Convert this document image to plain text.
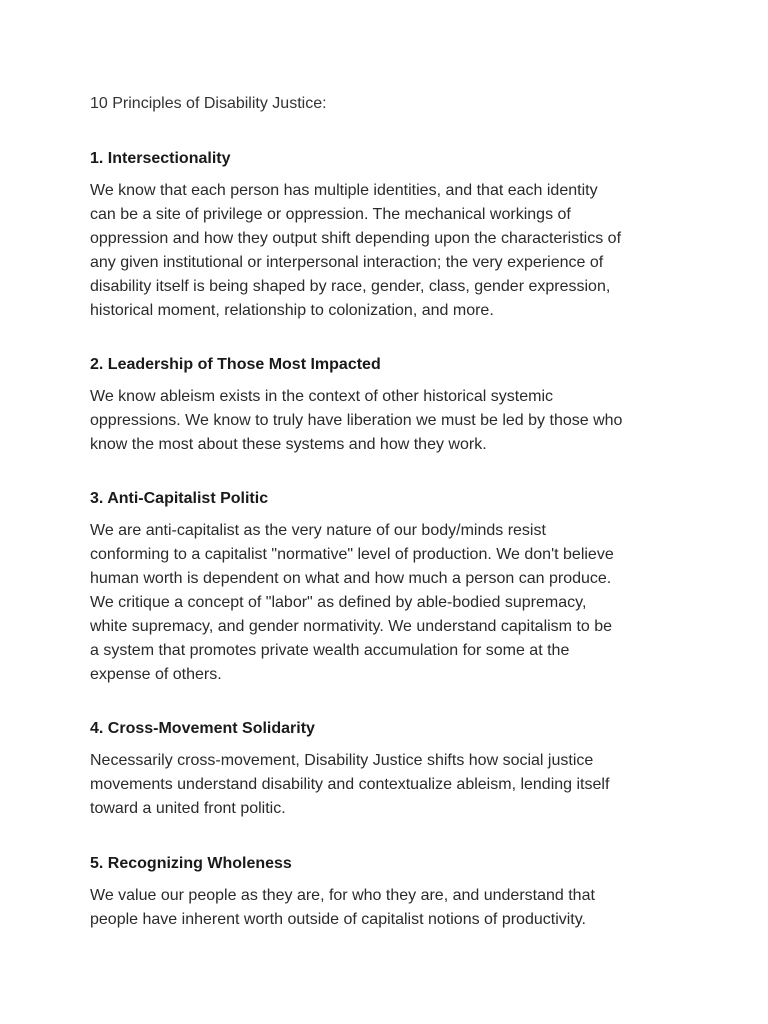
10 Principles of Disability Justice:

1. Intersectionality

We know that each person has multiple identities, and that each identity
can be a site of privilege or oppression. The mechanical workings of
oppression and how they output shift depending upon the characteristics of
any given institutional or interpersonal interaction; the very experience of
disability itself is being shaped by race, gender, class, gender expression,
historical moment, relationship to colonization, and more.

2. Leadership of Those Most Impacted

We know ableism exists in the context of other historical systemic
oppressions. We know to truly have liberation we must be led by those who
know the most about these systems and how they work.

3. Anti-Capitalist Politic

We are anti-capitalist as the very nature of our body/minds resist
conforming to a capitalist "normative" level of production. We don't believe
human worth is dependent on what and how much a person can produce.
We critique a concept of "labor" as defined by able-bodied supremacy,
white supremacy, and gender normativity. We understand capitalism to be
a system that promotes private wealth accumulation for some at the
expense of others.

4. Cross-Movement Solidarity

Necessarily cross-movement, Disability Justice shifts how social justice
movements understand disability and contextualize ableism, lending itself
toward a united front politic.

5. Recognizing Wholeness

We value our people as they are, for who they are, and understand that
people have inherent worth outside of capitalist notions of productivity.
